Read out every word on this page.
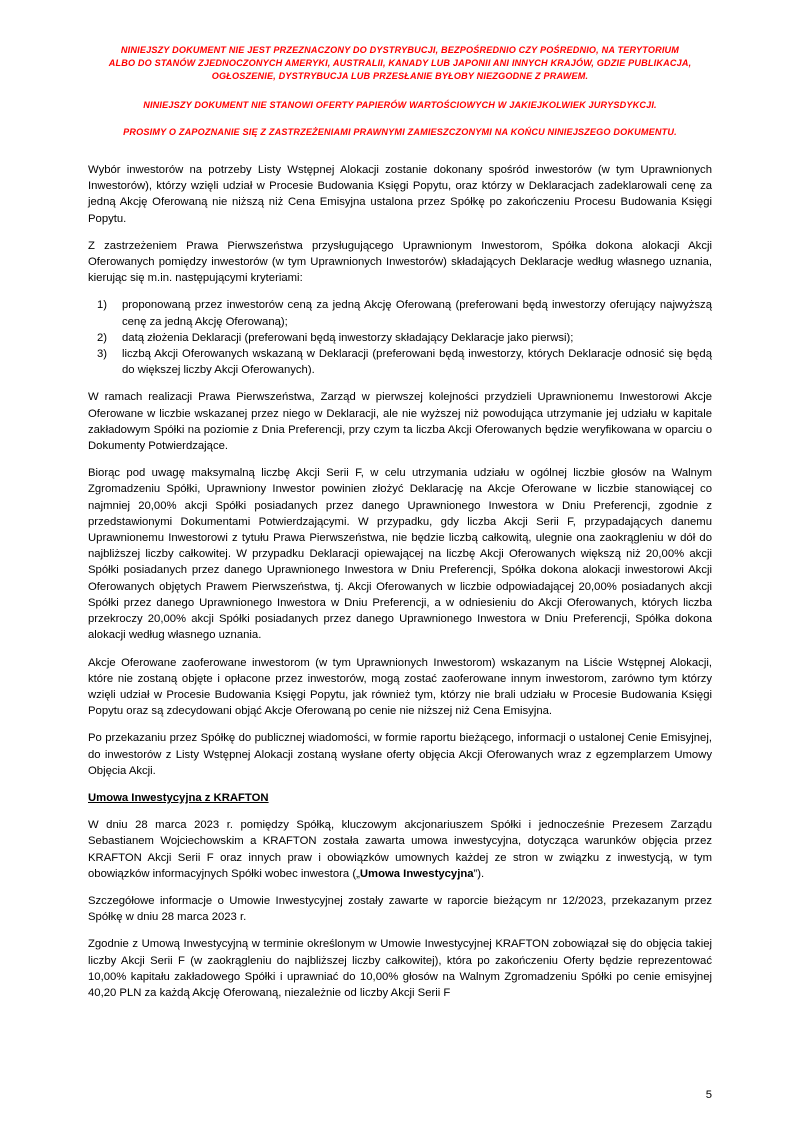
NINIEJSZY DOKUMENT NIE JEST PRZEZNACZONY DO DYSTRYBUCJI, BEZPOŚREDNIO CZY POŚREDNIO, NA TERYTORIUM

ALBO DO STANÓW ZJEDNOCZONYCH AMERYKI, AUSTRALII, KANADY LUB JAPONII ANI INNYCH KRAJÓW, GDZIE PUBLIKACJA,

OGŁOSZENIE, DYSTRYBUCJA LUB PRZESŁANIE BYŁOBY NIEZGODNE Z PRAWEM.

NINIEJSZY DOKUMENT NIE STANOWI OFERTY PAPIERÓW WARTOŚCIOWYCH W JAKIEJKOLWIEK JURYSDYKCJI.

PROSIMY O ZAPOZNANIE SIĘ Z ZASTRZEŻENIAMI PRAWNYMI ZAMIESZCZONYMI NA KOŃCU NINIEJSZEGO DOKUMENTU.

Wybór inwestorów na potrzeby Listy Wstępnej Alokacji zostanie dokonany spośród inwestorów (w tym Uprawnionych Inwestorów), którzy wzięli udział w Procesie Budowania Księgi Popytu, oraz którzy w Deklaracjach zadeklarowali cenę za jedną Akcję Oferowaną nie niższą niż Cena Emisyjna ustalona przez Spółkę po zakończeniu Procesu Budowania Księgi Popytu.

Z zastrzeżeniem Prawa Pierwszeństwa przysługującego Uprawnionym Inwestorom, Spółka dokona alokacji Akcji Oferowanych pomiędzy inwestorów (w tym Uprawnionych Inwestorów) składających Deklaracje według własnego uznania, kierując się m.in. następującymi kryteriami:

1)	proponowaną przez inwestorów ceną za jedną Akcję Oferowaną (preferowani będą inwestorzy oferujący najwyższą cenę za jedną Akcję Oferowaną);
2)	datą złożenia Deklaracji (preferowani będą inwestorzy składający Deklaracje jako pierwsi);
3)	liczbą Akcji Oferowanych wskazaną w Deklaracji (preferowani będą inwestorzy, których Deklaracje odnosić się będą do większej liczby Akcji Oferowanych).

W ramach realizacji Prawa Pierwszeństwa, Zarząd w pierwszej kolejności przydzieli Uprawnionemu Inwestorowi Akcje Oferowane w liczbie wskazanej przez niego w Deklaracji, ale nie wyższej niż powodująca utrzymanie jej udziału w kapitale zakładowym Spółki na poziomie z Dnia Preferencji, przy czym ta liczba Akcji Oferowanych będzie weryfikowana w oparciu o Dokumenty Potwierdzające.

Biorąc pod uwagę maksymalną liczbę Akcji Serii F, w celu utrzymania udziału w ogólnej liczbie głosów na Walnym Zgromadzeniu Spółki, Uprawniony Inwestor powinien złożyć Deklarację na Akcje Oferowane w liczbie stanowiącej co najmniej 20,00% akcji Spółki posiadanych przez danego Uprawnionego Inwestora w Dniu Preferencji, zgodnie z przedstawionymi Dokumentami Potwierdzającymi. W przypadku, gdy liczba Akcji Serii F, przypadających danemu Uprawnionemu Inwestorowi z tytułu Prawa Pierwszeństwa, nie będzie liczbą całkowitą, ulegnie ona zaokrągleniu w dół do najbliższej liczby całkowitej. W przypadku Deklaracji opiewającej na liczbę Akcji Oferowanych większą niż 20,00% akcji Spółki posiadanych przez danego Uprawnionego Inwestora w Dniu Preferencji, Spółka dokona alokacji inwestorowi Akcji Oferowanych objętych Prawem Pierwszeństwa, tj. Akcji Oferowanych w liczbie odpowiadającej 20,00% posiadanych akcji Spółki przez danego Uprawnionego Inwestora w Dniu Preferencji, a w odniesieniu do Akcji Oferowanych, których liczba przekroczy 20,00% akcji Spółki posiadanych przez danego Uprawnionego Inwestora w Dniu Preferencji, Spółka dokona alokacji według własnego uznania.

Akcje Oferowane zaoferowane inwestorom (w tym Uprawnionych Inwestorom) wskazanym na Liście Wstępnej Alokacji, które nie zostaną objęte i opłacone przez inwestorów, mogą zostać zaoferowane innym inwestorom, zarówno tym którzy wzięli udział w Procesie Budowania Księgi Popytu, jak również tym, którzy nie brali udziału w Procesie Budowania Księgi Popytu oraz są zdecydowani objąć Akcje Oferowaną po cenie nie niższej niż Cena Emisyjna.

Po przekazaniu przez Spółkę do publicznej wiadomości, w formie raportu bieżącego, informacji o ustalonej Cenie Emisyjnej, do inwestorów z Listy Wstępnej Alokacji zostaną wysłane oferty objęcia Akcji Oferowanych wraz z egzemplarzem Umowy Objęcia Akcji.

Umowa Inwestycyjna z KRAFTON

W dniu 28 marca 2023 r. pomiędzy Spółką, kluczowym akcjonariuszem Spółki i jednocześnie Prezesem Zarządu Sebastianem Wojciechowskim a KRAFTON została zawarta umowa inwestycyjna, dotycząca warunków objęcia przez KRAFTON Akcji Serii F oraz innych praw i obowiązków umownych każdej ze stron w związku z inwestycją, w tym obowiązków informacyjnych Spółki wobec inwestora („Umowa Inwestycyjna”).

Szczegółowe informacje o Umowie Inwestycyjnej zostały zawarte w raporcie bieżącym nr 12/2023, przekazanym przez Spółkę w dniu 28 marca 2023 r.

Zgodnie z Umową Inwestycyjną w terminie określonym w Umowie Inwestycyjnej KRAFTON zobowiązał się do objęcia takiej liczby Akcji Serii F (w zaokrągleniu do najbliższej liczby całkowitej), która po zakończeniu Oferty będzie reprezentować 10,00% kapitału zakładowego Spółki i uprawniać do 10,00% głosów na Walnym Zgromadzeniu Spółki po cenie emisyjnej 40,20 PLN za każdą Akcję Oferowaną, niezależnie od liczby Akcji Serii F

5
